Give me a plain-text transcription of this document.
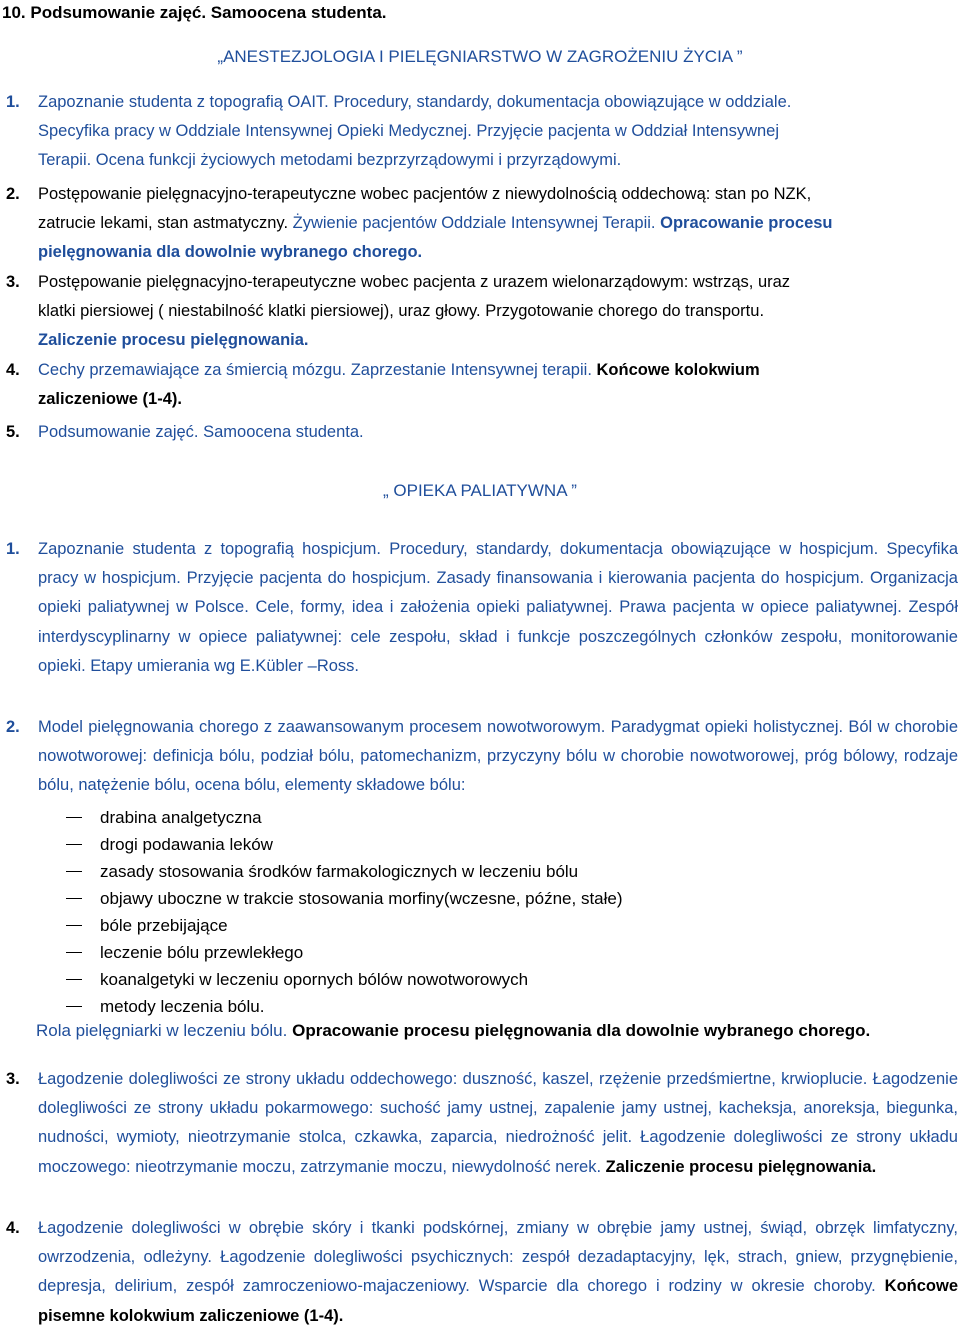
10. Podsumowanie zajęć. Samoocena studenta.
„ANESTEZJOLOGIA I PIELĘGNIARSTWO W ZAGROŻENIU ŻYCIA ”
1. Zapoznanie studenta z topografią OAIT. Procedury, standardy, dokumentacja obowiązujące w oddziale.
Specyfika pracy w Oddziale Intensywnej Opieki Medycznej. Przyjęcie pacjenta w Oddział Intensywnej
Terapii. Ocena funkcji życiowych metodami bezprzyrządowymi i przyrządowymi.
2. Postępowanie pielęgnacyjno-terapeutyczne wobec pacjentów z niewydolnością oddechową: stan po NZK,
zatrucie lekami, stan astmatyczny. Żywienie pacjentów Oddziale Intensywnej Terapii. Opracowanie procesu
pielęgnowania dla dowolnie wybranego chorego.
3. Postępowanie pielęgnacyjno-terapeutyczne wobec pacjenta z urazem wielonarządowym: wstrząs, uraz
klatki piersiowej ( niestabilność klatki piersiowej), uraz głowy. Przygotowanie chorego do transportu.
Zaliczenie procesu pielęgnowania.
4. Cechy przemawiające za śmiercią mózgu. Zaprzestanie Intensywnej terapii. Końcowe kolokwium
zaliczeniowe (1-4).
5. Podsumowanie zajęć. Samoocena studenta.
„ OPIEKA PALIATYWNA ”
1. Zapoznanie studenta z topografią hospicjum. Procedury, standardy, dokumentacja obowiązujące w hospicjum. Specyfika pracy w hospicjum. Przyjęcie pacjenta do hospicjum. Zasady finansowania i kierowania pacjenta do hospicjum. Organizacja opieki paliatywnej w Polsce. Cele, formy, idea i założenia opieki paliatywnej. Prawa pacjenta w opiece paliatywnej. Zespół interdyscyplinarny w opiece paliatywnej: cele zespołu, skład i funkcje poszczególnych członków zespołu, monitorowanie opieki. Etapy umierania wg E.Kübler –Ross.
2. Model pielęgnowania chorego z zaawansowanym procesem nowotworowym. Paradygmat opieki holistycznej. Ból w chorobie nowotworowej: definicja bólu, podział bólu, patomechanizm, przyczyny bólu w chorobie nowotworowej, próg bólowy, rodzaje bólu, natężenie bólu, ocena bólu, elementy składowe bólu:
drabina analgetyczna
drogi podawania leków
zasady stosowania środków farmakologicznych w leczeniu bólu
objawy uboczne w trakcie stosowania morfiny(wczesne, późne, stałe)
bóle przebijające
leczenie bólu przewlekłego
koanalgetyki w leczeniu opornych bólów nowotworowych
metody leczenia bólu.
Rola pielęgniarki w leczeniu bólu. Opracowanie procesu pielęgnowania dla dowolnie wybranego chorego.
3. Łagodzenie dolegliwości ze strony układu oddechowego: duszność, kaszel, rzężenie przedśmiertne, krwioplucie. Łagodzenie dolegliwości ze strony układu pokarmowego: suchość jamy ustnej, zapalenie jamy ustnej, kacheksja, anoreksja, biegunka, nudności, wymioty, nieotrzymanie stolca, czkawka, zaparcia, niedrożność jelit. Łagodzenie dolegliwości ze strony układu moczowego: nieotrzymanie moczu, zatrzymanie moczu, niewydolność nerek. Zaliczenie procesu pielęgnowania.
4. Łagodzenie dolegliwości w obrębie skóry i tkanki podskórnej, zmiany w obrębie jamy ustnej, świąd, obrzęk limfatyczny, owrzodzenia, odleżyny. Łagodzenie dolegliwości psychicznych: zespół dezadaptacyjny, lęk, strach, gniew, przygnębienie, depresja, delirium, zespół zamroczeniowo-majaczeniowy. Wsparcie dla chorego i rodziny w okresie choroby. Końcowe pisemne kolokwium zaliczeniowe (1-4).
